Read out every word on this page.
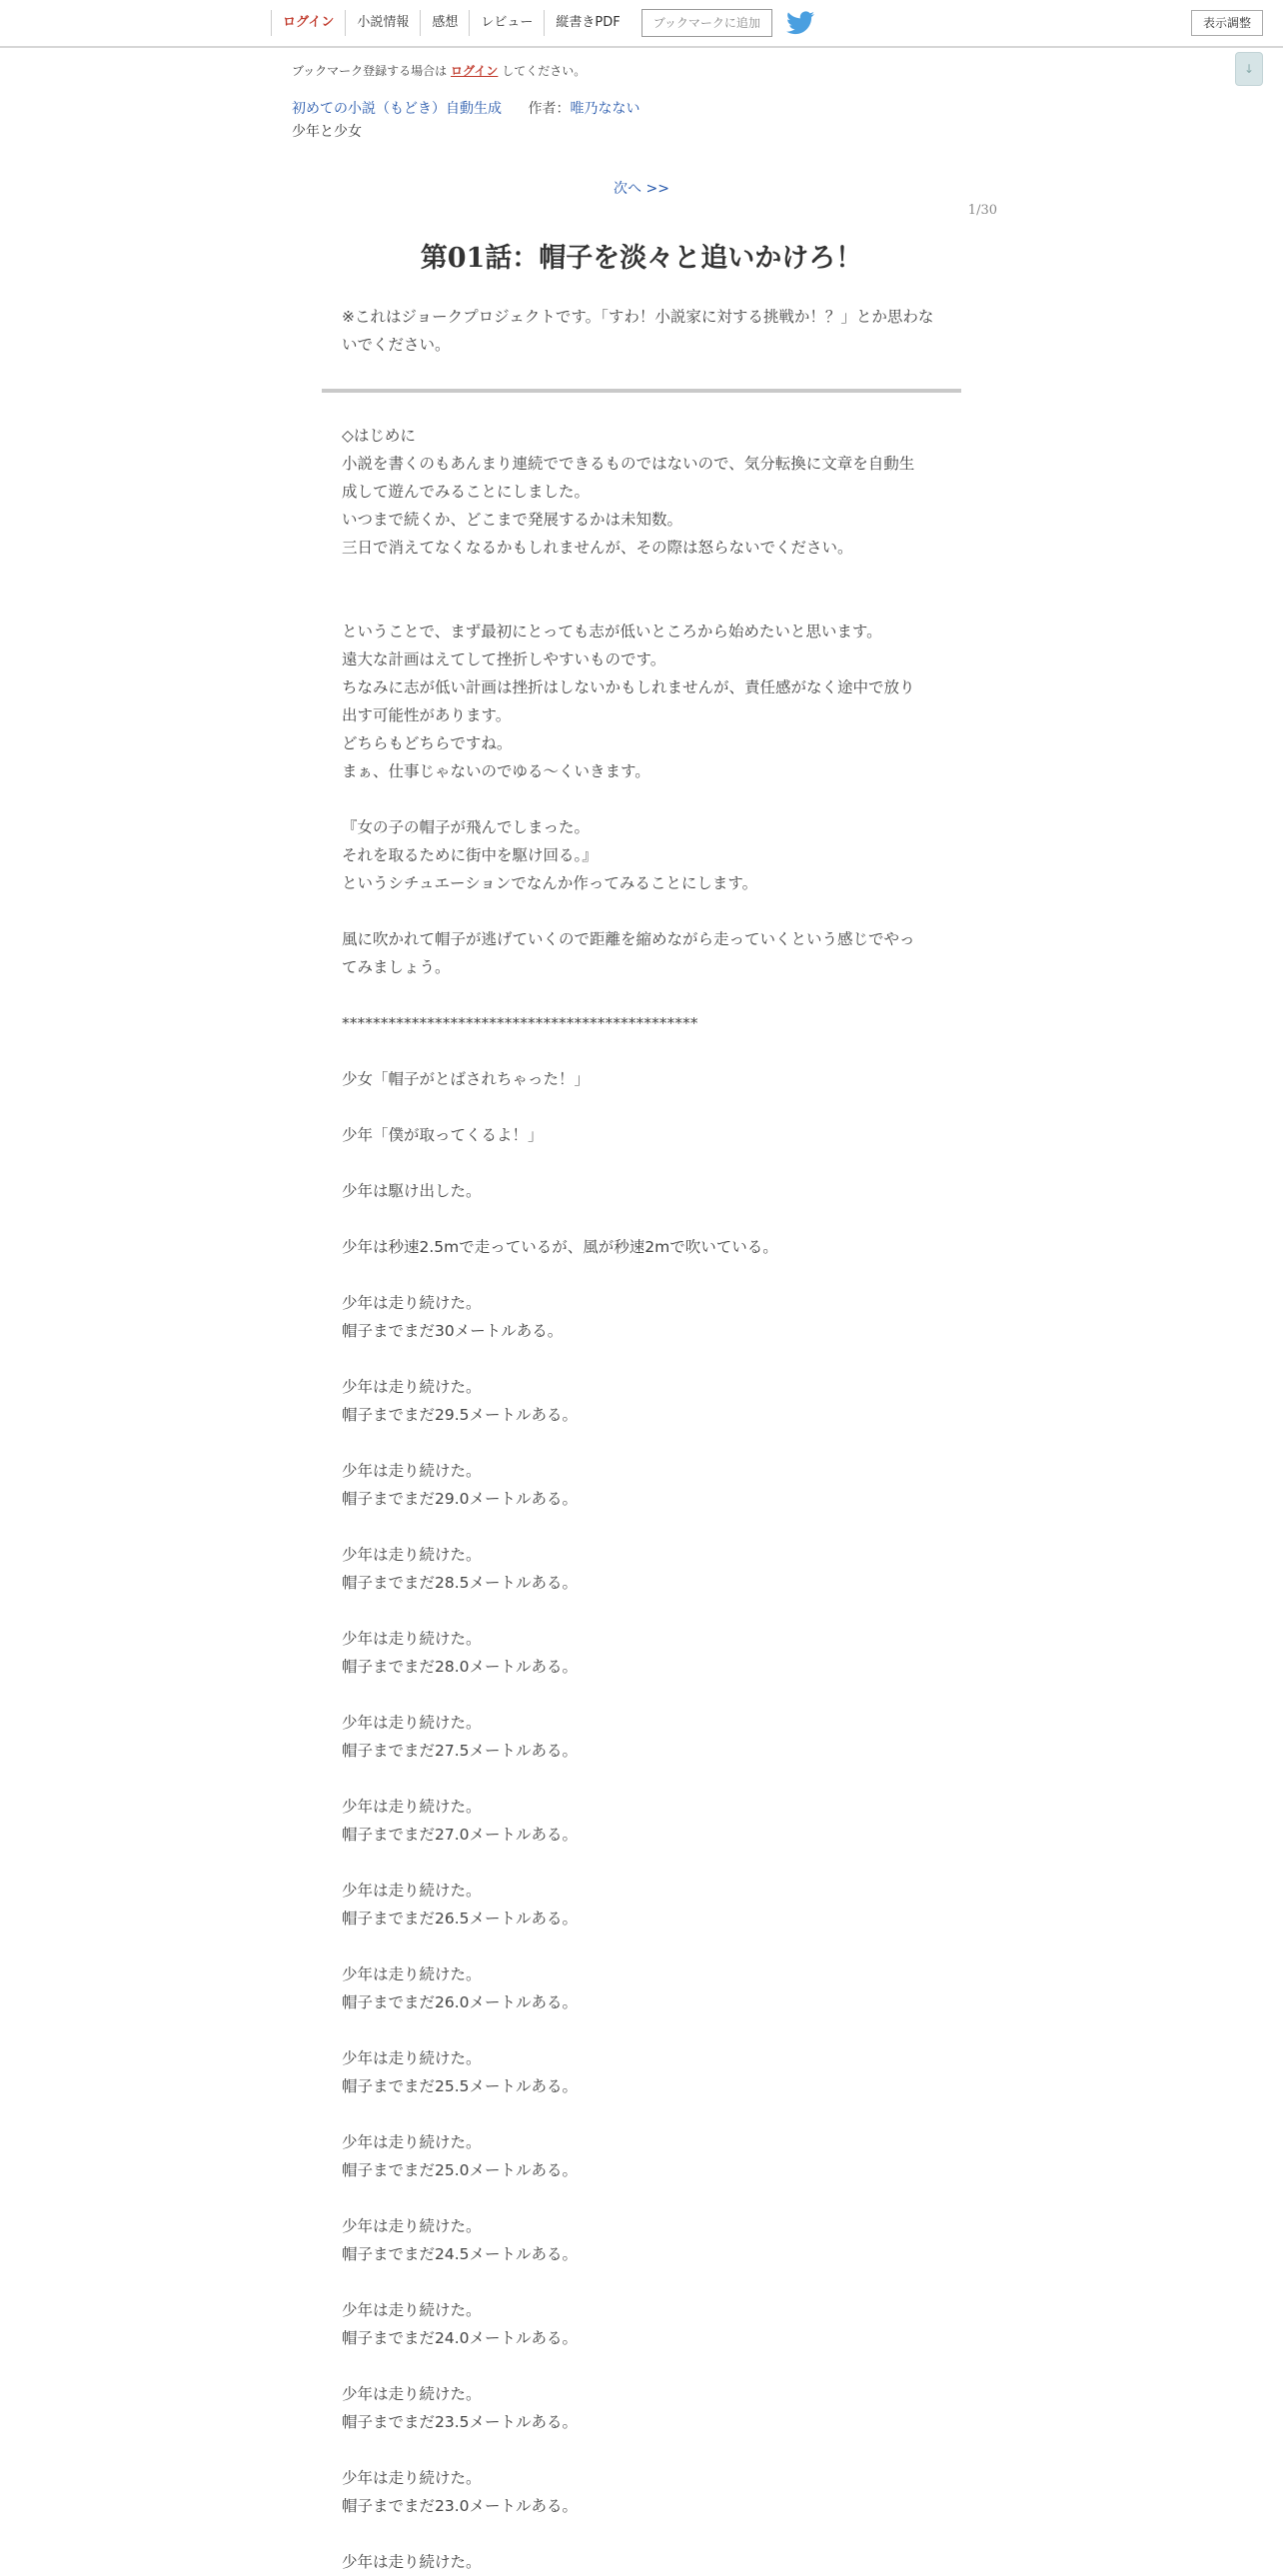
ログイン	小説情報	感想	レビュー	縦書きPDF	ブックマークに追加	表示調整
↓
ブックマーク登録する場合は ログイン してください。
初めての小説（もどき）自動生成 作者：唯乃なない
少年と少女
次へ >>
1/30
第01話：帽子を淡々と追いかけろ！
※これはジョークプロジェクトです。「すわ！小説家に対する挑戦か！？」とか思わないでください。

◇はじめに

小説を書くのもあんまり連続でできるものではないので、気分転換に文章を自動生

成して遊んでみることにしました。

いつまで続くか、どこまで発展するかは未知数。

三日で消えてなくなるかもしれませんが、その際は怒らないでください。

ということで、まず最初にとっても志が低いところから始めたいと思います。

遠大な計画はえてして挫折しやすいものです。

ちなみに志が低い計画は挫折はしないかもしれませんが、責任感がなく途中で放り

出す可能性があります。

どちらもどちらですね。

まぁ、仕事じゃないのでゆる～くいきます。

『女の子の帽子が飛んでしまった。

それを取るために街中を駆け回る。』

というシチュエーションでなんか作ってみることにします。

風に吹かれて帽子が逃げていくので距離を縮めながら走っていくという感じでやっ

てみましょう。

**********************************************

少女「帽子がとばされちゃった！」

少年「僕が取ってくるよ！」

少年は駆け出した。

少年は秒速2.5mで走っているが、風が秒速2mで吹いている。

少年は走り続けた。

帽子までまだ30メートルある。

少年は走り続けた。

帽子までまだ29.5メートルある。

少年は走り続けた。

帽子までまだ29.0メートルある。

少年は走り続けた。

帽子までまだ28.5メートルある。

少年は走り続けた。

帽子までまだ28.0メートルある。

少年は走り続けた。

帽子までまだ27.5メートルある。

少年は走り続けた。

帽子までまだ27.0メートルある。

少年は走り続けた。

帽子までまだ26.5メートルある。

少年は走り続けた。

帽子までまだ26.0メートルある。

少年は走り続けた。

帽子までまだ25.5メートルある。

少年は走り続けた。

帽子までまだ25.0メートルある。

少年は走り続けた。

帽子までまだ24.5メートルある。

少年は走り続けた。

帽子までまだ24.0メートルある。

少年は走り続けた。

帽子までまだ23.5メートルある。

少年は走り続けた。

帽子までまだ23.0メートルある。

少年は走り続けた。
